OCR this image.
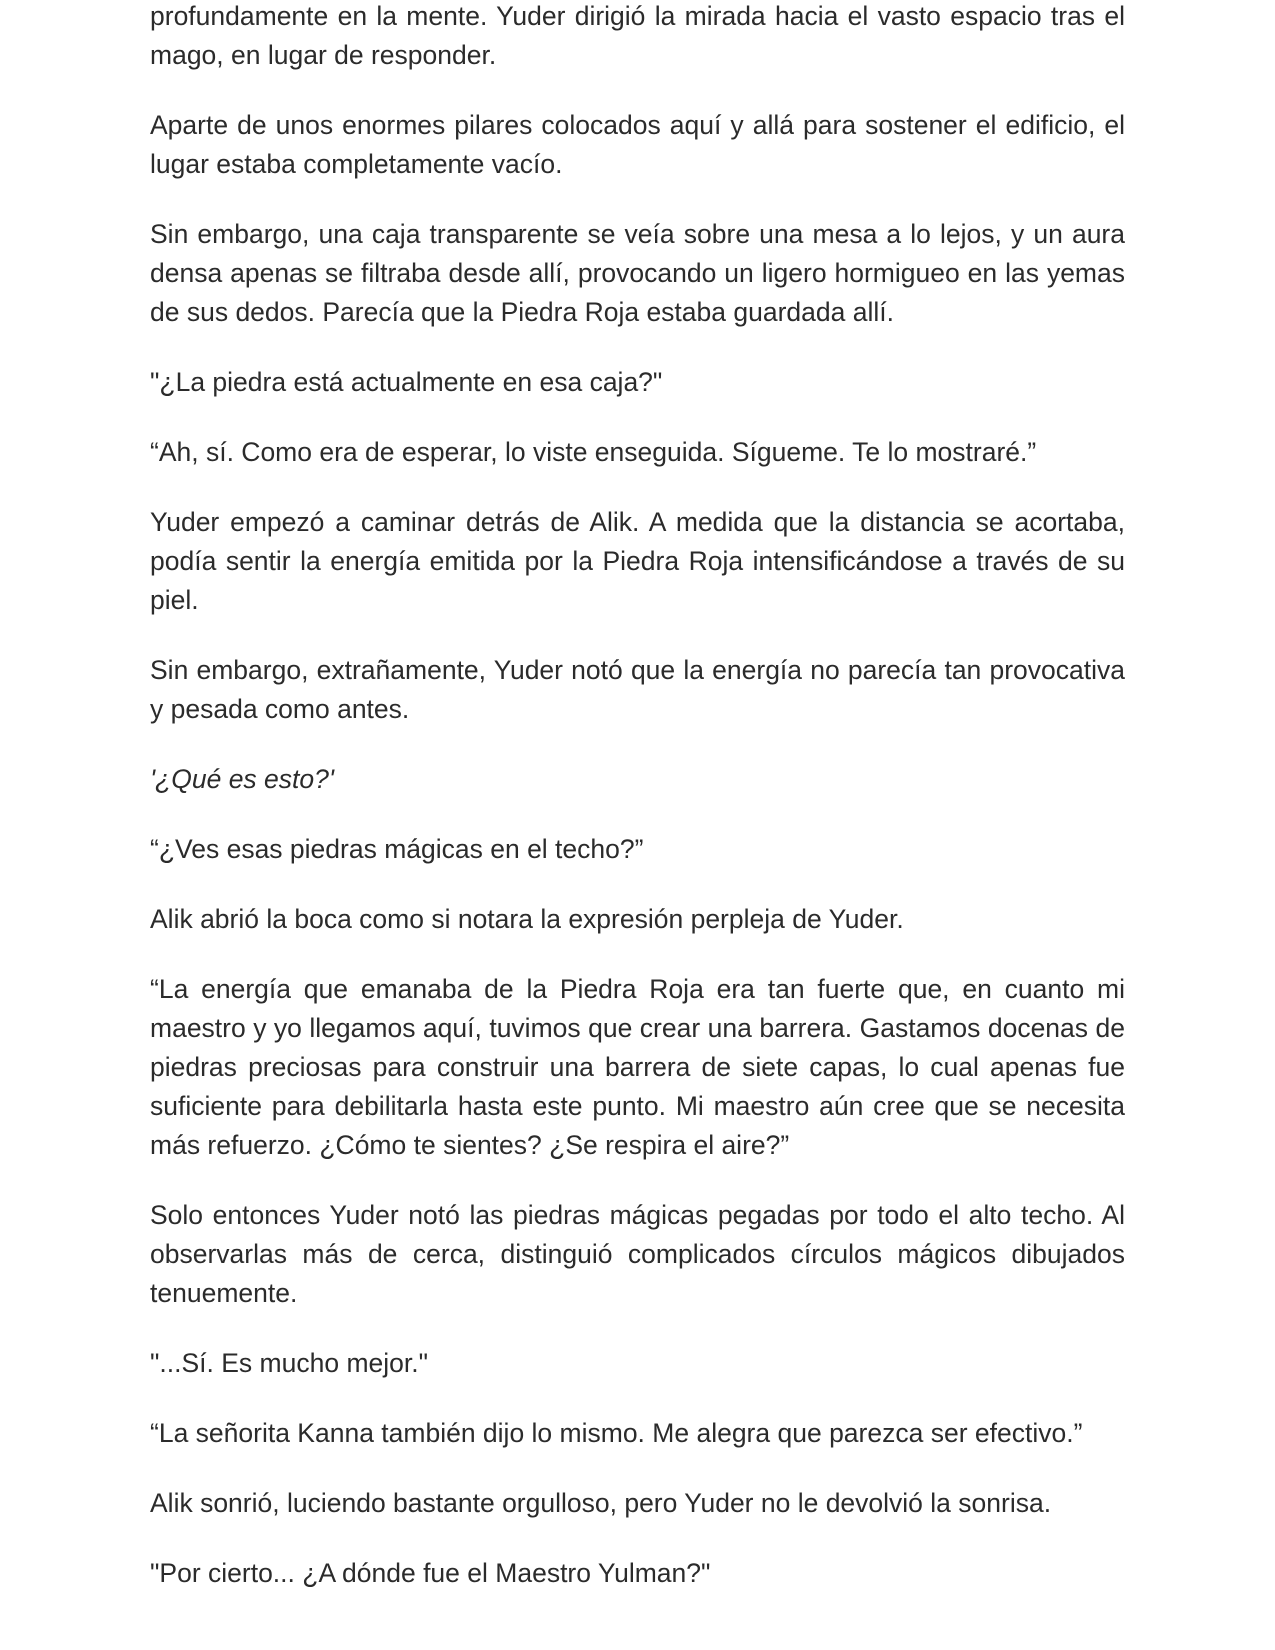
profundamente en la mente. Yuder dirigió la mirada hacia el vasto espacio tras el mago, en lugar de responder.

Aparte de unos enormes pilares colocados aquí y allá para sostener el edificio, el lugar estaba completamente vacío.

Sin embargo, una caja transparente se veía sobre una mesa a lo lejos, y un aura densa apenas se filtraba desde allí, provocando un ligero hormigueo en las yemas de sus dedos. Parecía que la Piedra Roja estaba guardada allí.

"¿La piedra está actualmente en esa caja?"

“Ah, sí. Como era de esperar, lo viste enseguida. Sígueme. Te lo mostraré.”

Yuder empezó a caminar detrás de Alik. A medida que la distancia se acortaba, podía sentir la energía emitida por la Piedra Roja intensificándose a través de su piel.

Sin embargo, extrañamente, Yuder notó que la energía no parecía tan provocativa y pesada como antes.

'¿Qué es esto?'

“¿Ves esas piedras mágicas en el techo?”

Alik abrió la boca como si notara la expresión perpleja de Yuder.

“La energía que emanaba de la Piedra Roja era tan fuerte que, en cuanto mi maestro y yo llegamos aquí, tuvimos que crear una barrera. Gastamos docenas de piedras preciosas para construir una barrera de siete capas, lo cual apenas fue suficiente para debilitarla hasta este punto. Mi maestro aún cree que se necesita más refuerzo. ¿Cómo te sientes? ¿Se respira el aire?”

Solo entonces Yuder notó las piedras mágicas pegadas por todo el alto techo. Al observarlas más de cerca, distinguió complicados círculos mágicos dibujados tenuemente.

"...Sí. Es mucho mejor."

“La señorita Kanna también dijo lo mismo. Me alegra que parezca ser efectivo.”

Alik sonrió, luciendo bastante orgulloso, pero Yuder no le devolvió la sonrisa.

"Por cierto... ¿A dónde fue el Maestro Yulman?"
